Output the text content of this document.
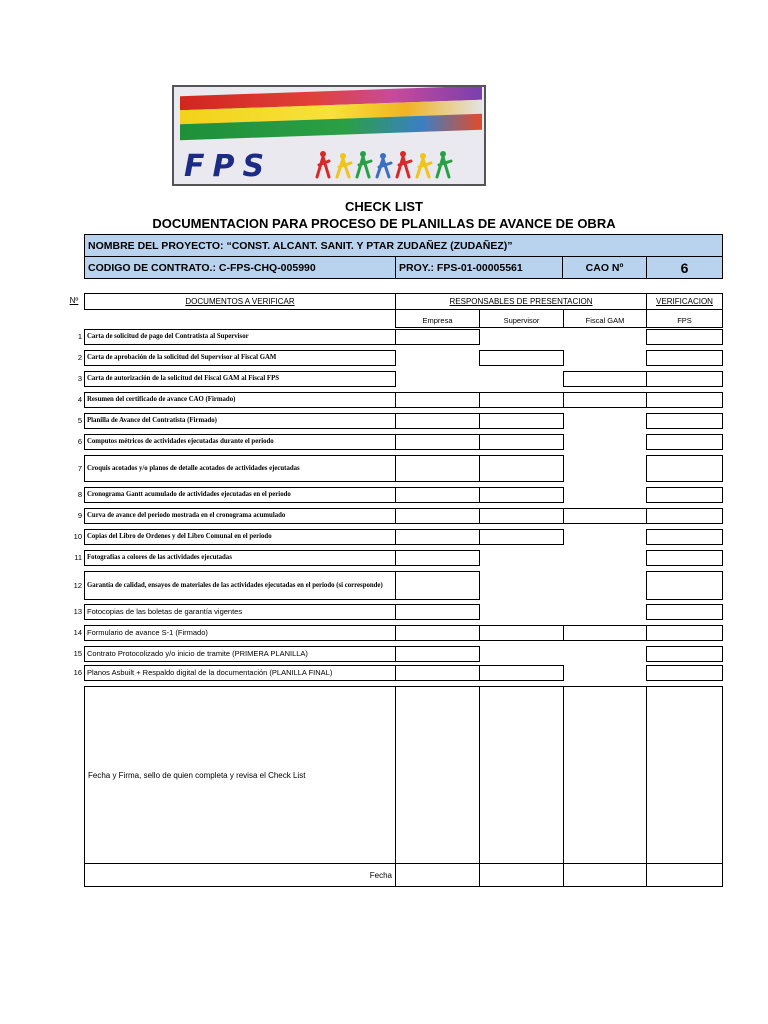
FPS
CHECK LIST
DOCUMENTACION PARA PROCESO DE PLANILLAS DE AVANCE DE OBRA
NOMBRE DEL PROYECTO: “CONST. ALCANT. SANIT. Y PTAR ZUDAÑEZ (ZUDAÑEZ)”
CODIGO DE CONTRATO.: C-FPS-CHQ-005990	PROY.: FPS-01-00005561	CAO Nº	6
Nº	DOCUMENTOS A VERIFICAR	RESPONSABLES DE PRESENTACION	VERIFICACION
Empresa	Supervisor	Fiscal GAM	FPS
1 Carta de solicitud de pago del Contratista al Supervisor
2 Carta de aprobación de la solicitud del Supervisor al Fiscal GAM
3 Carta de autorización de la solicitud del Fiscal GAM al Fiscal FPS
4 Resumen del certificado de avance CAO (Firmado)
5 Planilla de Avance del Contratista (Firmado)
6 Computos métricos de actividades ejecutadas durante el periodo
7 Croquis acotados y/o planos de detalle acotados de actividades ejecutadas
8 Cronograma Gantt acumulado de actividades ejecutadas en el periodo
9 Curva de avance del periodo mostrada en el cronograma acumulado
10 Copias del Libro de Ordenes y del Libro Comunal en el periodo
11 Fotografías a colores de las actividades ejecutadas
12 Garantía de calidad, ensayos de materiales de las actividades ejecutadas en el periodo (si corresponde)
13 Fotocopias de las boletas de garantía vigentes
14 Formulario de avance S-1 (Firmado)
15 Contrato Protocolizado y/o inicio de tramite (PRIMERA PLANILLA)
16 Planos Asbuilt + Respaldo digital de la documentación (PLANILLA FINAL)
Fecha y Firma, sello de quien completa y revisa el Check List
Fecha
